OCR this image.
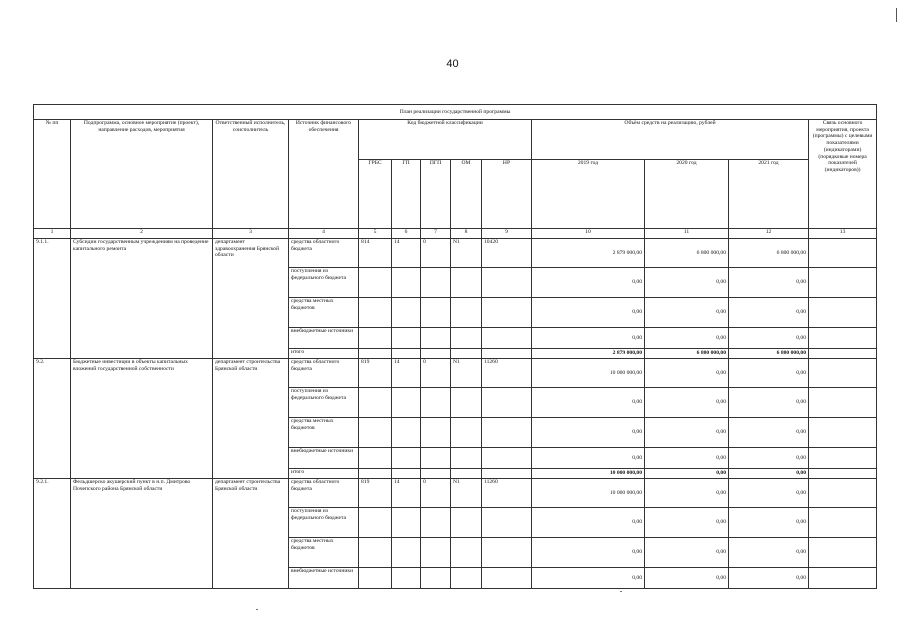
40
План реализации государственной программы												
№ пп	Подпрограмма, основное мероприятие (проект), направление расходов, мероприятия	Ответственный исполнитель, соисполнитель	Источник финансового обеспечения	Код бюджетной классификации					Объём средств на реализацию, рублей			Связь основного мероприятия, проекта (программы) с целевыми показателями (индикаторами) (порядковые номера показателей (индикаторов))
				ГРБС	ГП	ПГП	ОМ	НР	2019 год	2020 год	2021 год	
1	2	3	4	5	6	7	8	9	10	11	12	13
9.1.1.	Субсидии государственным учреждениям на проведение капитального ремонта	департамент здравоохранения Брянской области	средства областного бюджета	814	14	0	N1	10420	2 879 000,00	6 800 000,00	6 800 000,00	
			поступления из федерального бюджета						0,00	0,00	0,00	
			средства местных бюджетов						0,00	0,00	0,00	
			внебюджетные источники						0,00	0,00	0,00	
			итого						2 879 000,00	6 800 000,00	6 800 000,00	
9.2.	Бюджетные инвестиции в объекты капитальных вложений государственной собственности	департамент строительства Брянской области	средства областного бюджета	819	14	0	N1	11260	10 000 000,00	0,00	0,00	
			поступления из федерального бюджета						0,00	0,00	0,00	
			средства местных бюджетов						0,00	0,00	0,00	
			внебюджетные источники						0,00	0,00	0,00	
			итого						10 000 000,00	0,00	0,00	
9.2.1.	Фельдшерско акушерский пункт в н.п. Дмитрово Почепского района Брянской области	департамент строительства Брянской области	средства областного бюджета	819	14	0	N1	11260	10 000 000,00	0,00	0,00	
			поступления из федерального бюджета						0,00	0,00	0,00	
			средства местных бюджетов						0,00	0,00	0,00	
			внебюджетные источники						0,00	0,00	0,00	
